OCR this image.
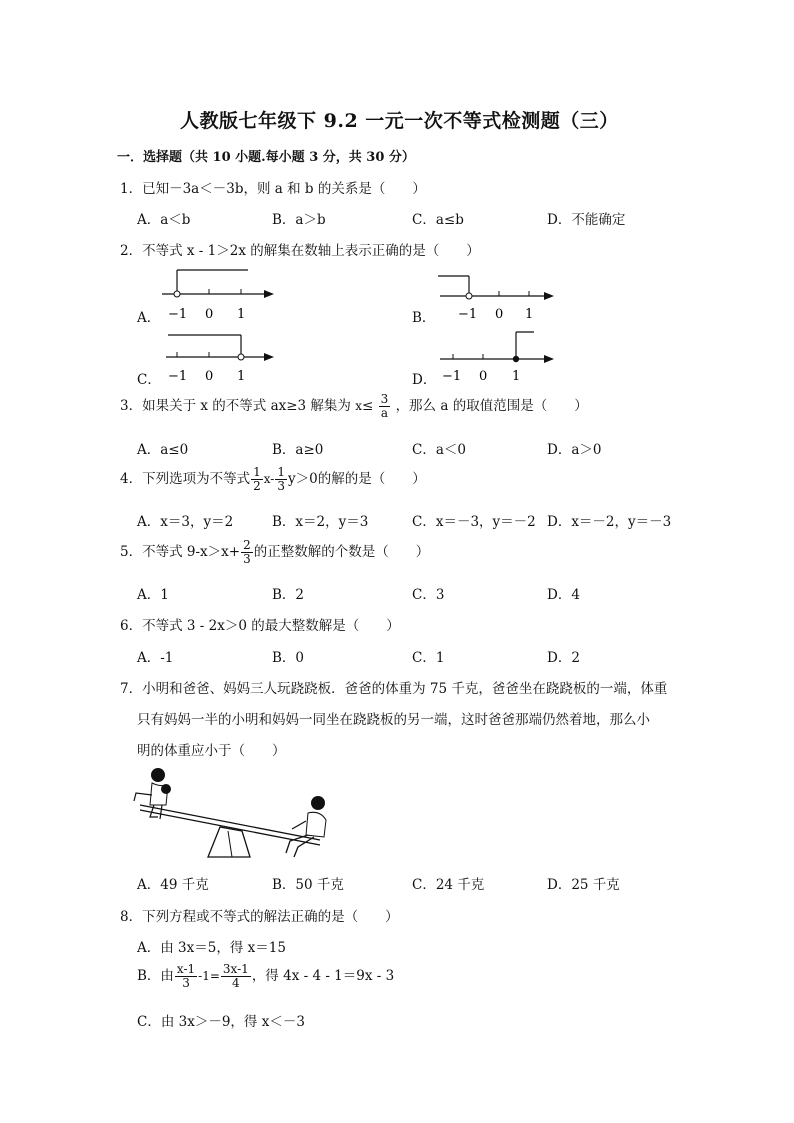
人教版七年级下 9.2 一元一次不等式检测题（三）
一．选择题（共 10 小题.每小题 3 分，共 30 分）
1．已知－3a＜－3b，则 a 和 b 的关系是（　　）
A．a＜b	B．a＞b	C．a≤b	D．不能确定
2．不等式 x - 1＞2x 的解集在数轴上表示正确的是（　　）
A． −1 0 1	B． −1 0 1
C． −1 0 1	D． −1 0 1
3．如果关于 x 的不等式 ax≥3 解集为 $x\le \frac{3}{a}$ ，那么 a 的取值范围是（　　）
A．a≤0	B．a≥0	C．a＜0	D．a＞0
4．下列选项为不等式 $\frac{1}{2} x- \frac{1}{3} y>0$的解的是（　　）
A．x＝3，y＝2	B．x＝2，y＝3	C．x＝－3，y＝－2 D．x＝－2，y＝－3
5．不等式 $9-x>x+ \frac{2}{3}$ 的正整数解的个数是（　　）
A．1	B．2	C．3	D．4
6．不等式 3 - 2x＞0 的最大整数解是（　　）
A．-1	B．0	C．1	D．2
7．小明和爸爸、妈妈三人玩跷跷板．爸爸的体重为 75 千克，爸爸坐在跷跷板的一端，体重
只有妈妈一半的小明和妈妈一同坐在跷跷板的另一端，这时爸爸那端仍然着地，那么小
明的体重应小于（　　）
A．49 千克	B．50 千克	C．24 千克	D．25 千克
8．下列方程或不等式的解法正确的是（　　）
A．由 3x＝5，得 x＝15
B．由 $\frac{x-1}{3} -1= \frac{3x-1}{4}$ ，得 4x - 4 - 1＝9x - 3
C．由 3x＞－9，得 x＜－3
